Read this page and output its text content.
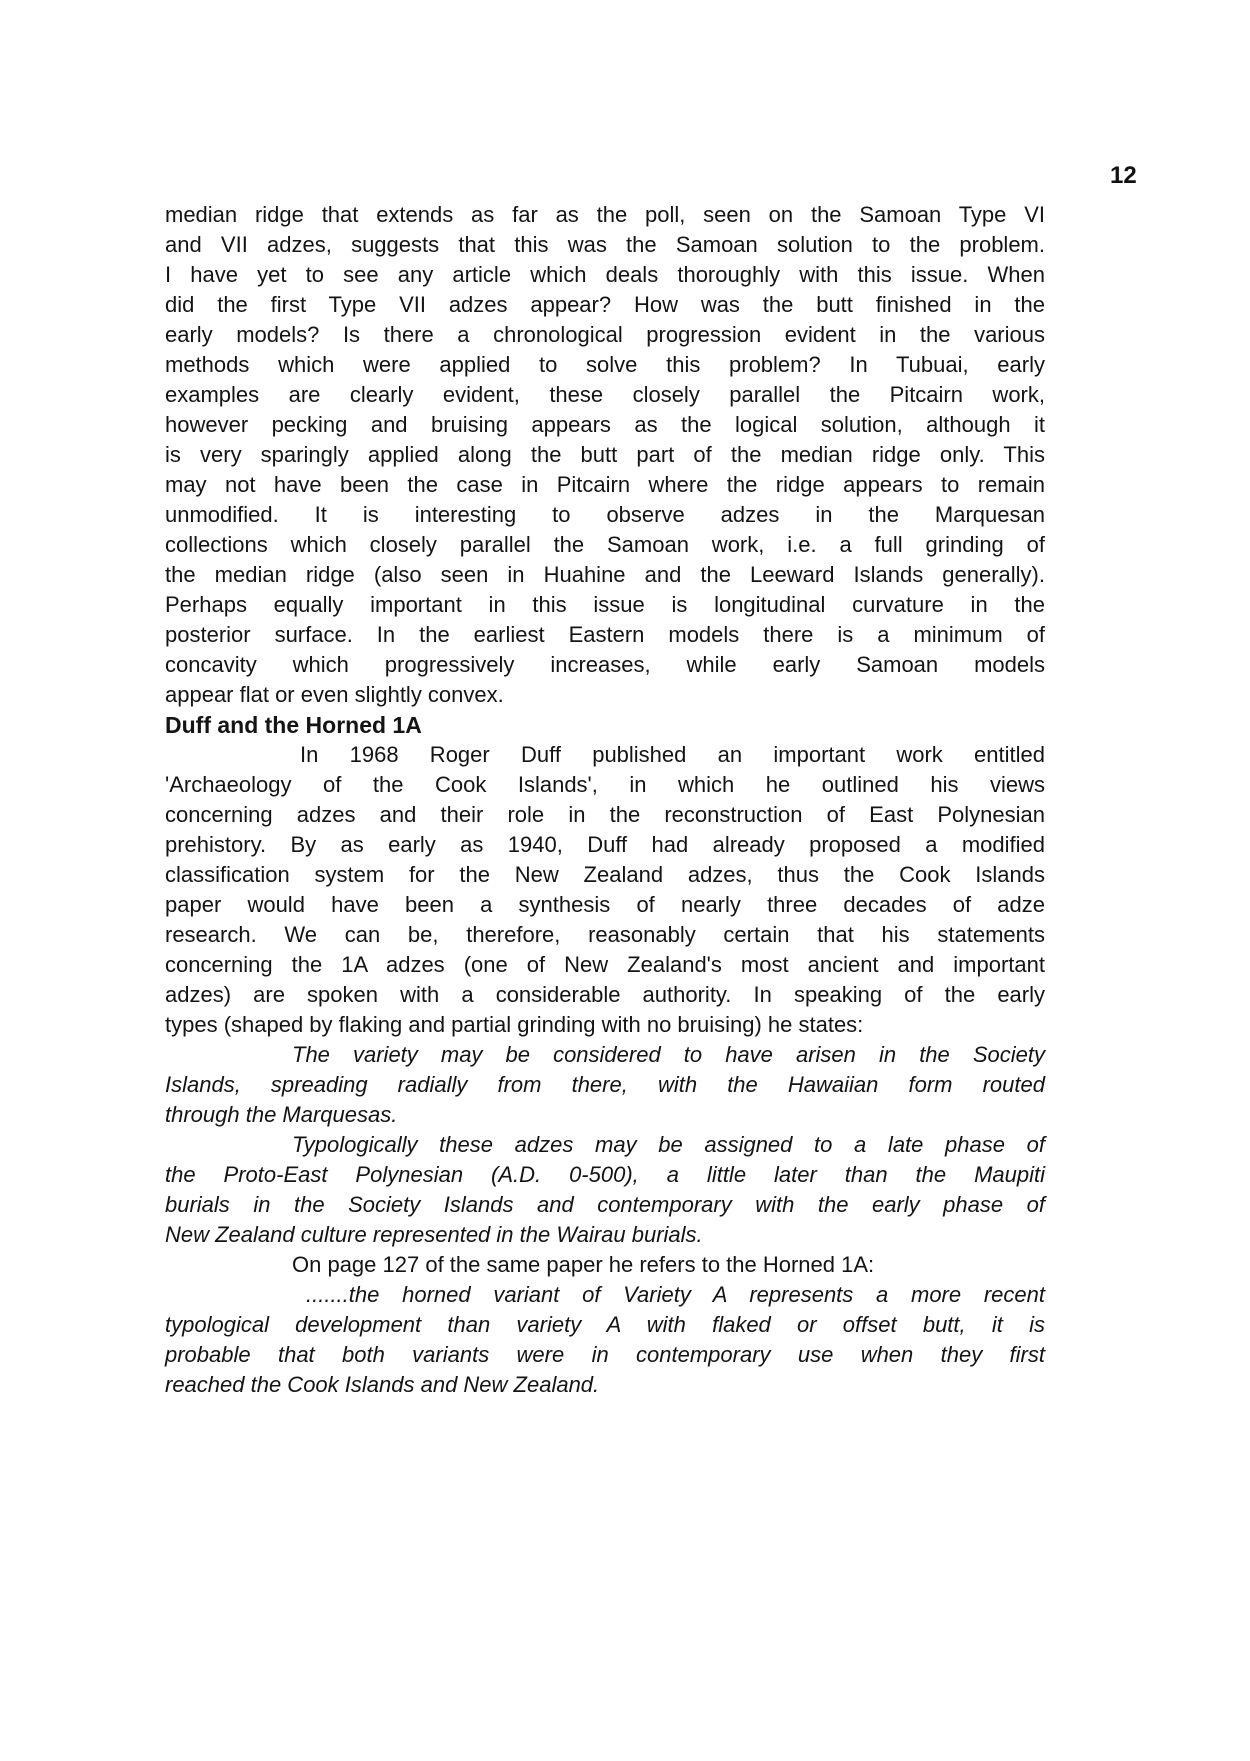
12
median ridge that extends as far as the poll, seen on the Samoan Type VI
and VII adzes, suggests that this was the Samoan solution to the problem.
I have yet to see any article which deals thoroughly with this issue. When
did the first Type VII adzes appear? How was the butt finished in the
early models? Is there a chronological progression evident in the various
methods which were applied to solve this problem? In Tubuai, early
examples are clearly evident, these closely parallel the Pitcairn work,
however pecking and bruising appears as the logical solution, although it
is very sparingly applied along the butt part of the median ridge only. This
may not have been the case in Pitcairn where the ridge appears to remain
unmodified. It is interesting to observe adzes in the Marquesan
collections which closely parallel the Samoan work, i.e. a full grinding of
the median ridge (also seen in Huahine and the Leeward Islands generally).
Perhaps equally important in this issue is longitudinal curvature in the
posterior surface. In the earliest Eastern models there is a minimum of
concavity which progressively increases, while early Samoan models
appear flat or even slightly convex.
Duff and the Horned 1A
In 1968 Roger Duff published an important work entitled
'Archaeology of the Cook Islands', in which he outlined his views
concerning adzes and their role in the reconstruction of East Polynesian
prehistory. By as early as 1940, Duff had already proposed a modified
classification system for the New Zealand adzes, thus the Cook Islands
paper would have been a synthesis of nearly three decades of adze
research. We can be, therefore, reasonably certain that his statements
concerning the 1A adzes (one of New Zealand's most ancient and important
adzes) are spoken with a considerable authority. In speaking of the early
types (shaped by flaking and partial grinding with no bruising) he states:
The variety may be considered to have arisen in the Society
Islands, spreading radially from there, with the Hawaiian form routed
through the Marquesas.
Typologically these adzes may be assigned to a late phase of
the Proto-East Polynesian (A.D. 0-500), a little later than the Maupiti
burials in the Society Islands and contemporary with the early phase of
New Zealand culture represented in the Wairau burials.
On page 127 of the same paper he refers to the Horned 1A:
.......the horned variant of Variety A represents a more recent
typological development than variety A with flaked or offset butt, it is
probable that both variants were in contemporary use when they first
reached the Cook Islands and New Zealand.
